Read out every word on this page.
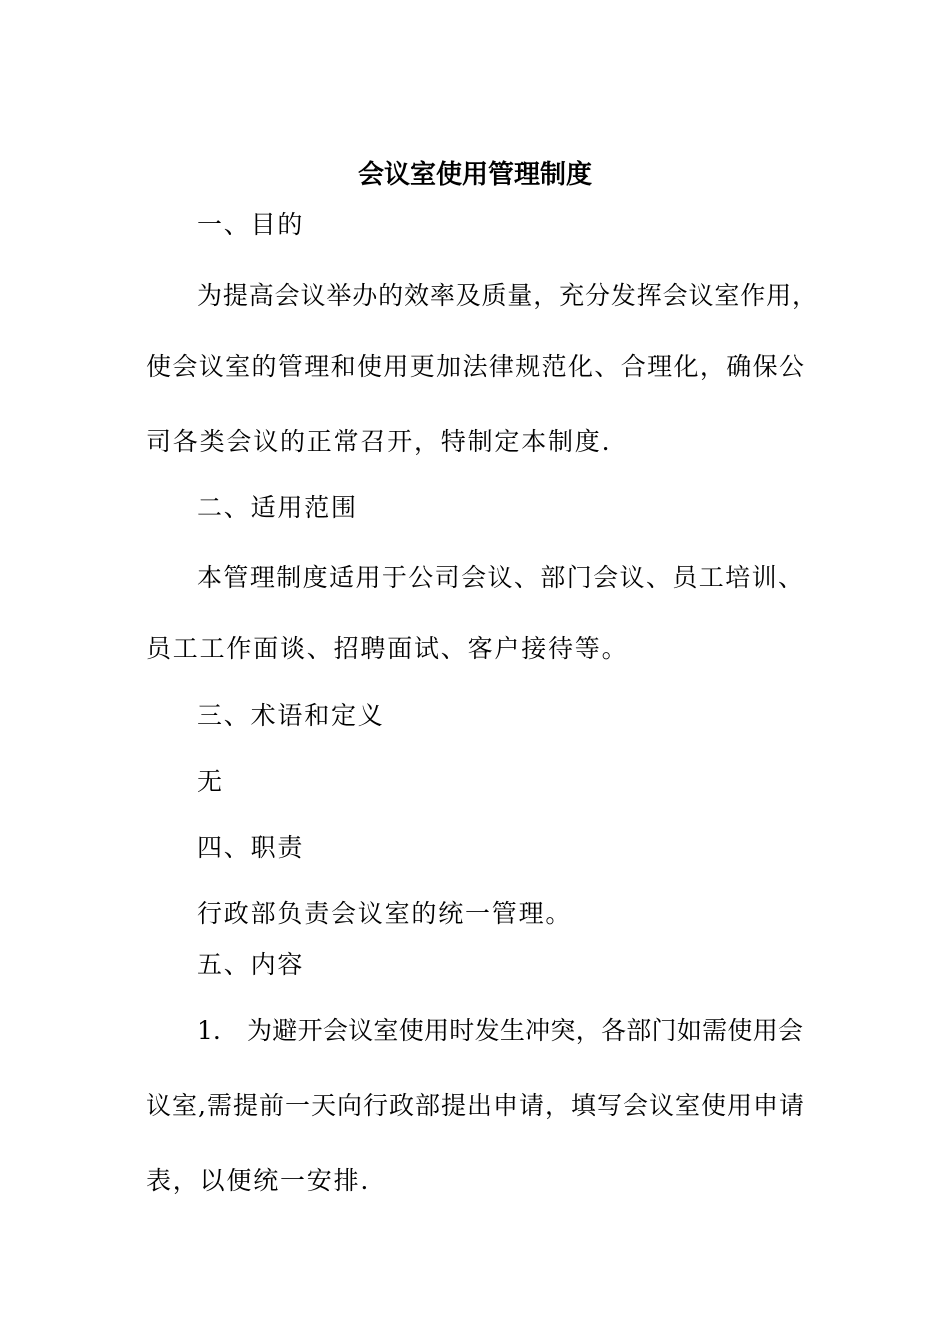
会议室使用管理制度

一、目的

为提高会议举办的效率及质量，充分发挥会议室作用，

使会议室的管理和使用更加法律规范化、合理化，确保公

司各类会议的正常召开，特制定本制度.

二、适用范围

本管理制度适用于公司会议、部门会议、员工培训、

员工工作面谈、招聘面试、客户接待等。

三、术语和定义

无

四、职责

行政部负责会议室的统一管理。

五、内容

1. 为避开会议室使用时发生冲突，各部门如需使用会

议室,需提前一天向行政部提出申请，填写会议室使用申请

表，以便统一安排.
